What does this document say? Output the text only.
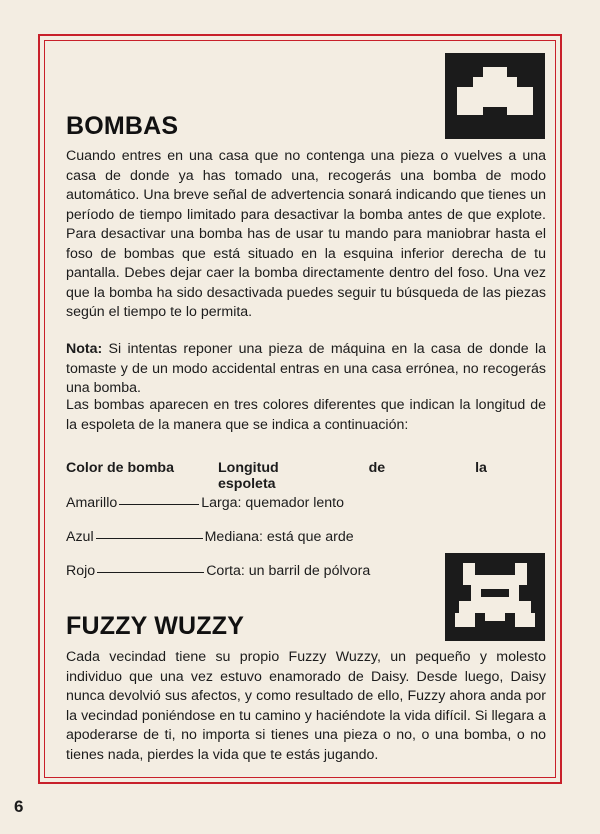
BOMBAS

Cuando entres en una casa que no contenga una pieza o vuelves a una casa de donde ya has tomado una, recogerás una bomba de modo automático. Una breve señal de advertencia sonará indicando que tienes un período de tiempo limitado para desactivar la bomba antes de que explote. Para desactivar una bomba has de usar tu mando para maniobrar hasta el foso de bombas que está situado en la esquina inferior derecha de tu pantalla. Debes dejar caer la bomba directamente dentro del foso. Una vez que la bomba ha sido desactivada puedes seguir tu búsqueda de las piezas según el tiempo te lo permita.

Nota: Si intentas reponer una pieza de máquina en la casa de donde la tomaste y de un modo accidental entras en una casa errónea, no recogerás una bomba.

Las bombas aparecen en tres colores diferentes que indican la longitud de la espoleta de la manera que se indica a continuación:

Color de bomba	Longitud de la espoleta
Amarillo	Larga: quemador lento
Azul	Mediana: está que arde
Rojo	Corta: un barril de pólvora
FUZZY WUZZY

Cada vecindad tiene su propio Fuzzy Wuzzy, un pequeño y molesto individuo que una vez estuvo enamorado de Daisy. Desde luego, Daisy nunca devolvió sus afectos, y como resultado de ello, Fuzzy ahora anda por la vecindad poniéndose en tu camino y haciéndote la vida difícil. Si llegara a apoderarse de ti, no importa si tienes una pieza o no, o una bomba, o no tienes nada, pierdes la vida que te estás jugando.

6
